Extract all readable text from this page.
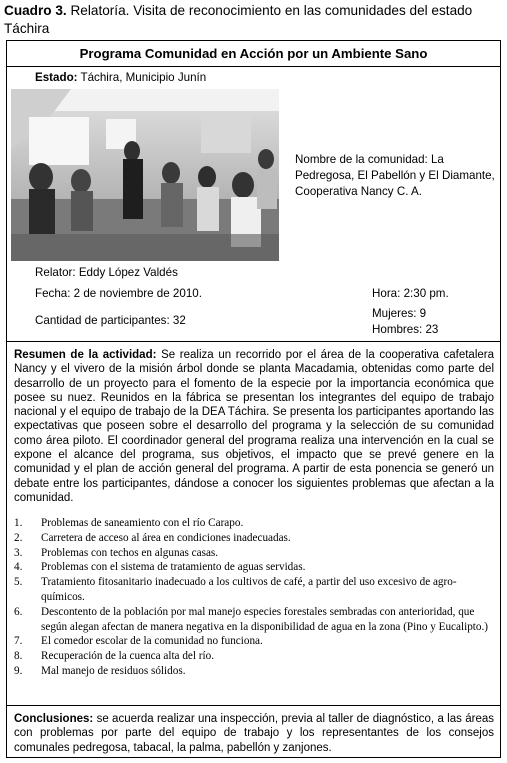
Cuadro 3. Relatoría. Visita de reconocimiento en las comunidades del estado Táchira
Programa Comunidad en Acción por un Ambiente Sano
Estado: Táchira, Municipio Junín
Nombre de la comunidad: La Pedregosa, El Pabellón y El Diamante, Cooperativa Nancy C. A.
Relator: Eddy López Valdés
Fecha: 2 de noviembre de 2010.	Hora: 2:30 pm.
Mujeres: 9
Cantidad de participantes: 32
Hombres: 23
Resumen de la actividad: Se realiza un recorrido por el área de la cooperativa cafetalera Nancy y el vivero de la misión árbol donde se planta Macadamia, obtenidas como parte del desarrollo de un proyecto para el fomento de la especie por la importancia económica que posee su nuez. Reunidos en la fábrica se presentan los integrantes del equipo de trabajo nacional y el equipo de trabajo de la DEA Táchira. Se presenta los participantes aportando las expectativas que poseen sobre el desarrollo del programa y la selección de su comunidad como área piloto. El coordinador general del programa realiza una intervención en la cual se expone el alcance del programa, sus objetivos, el impacto que se prevé genere en la comunidad y el plan de acción general del programa. A partir de esta ponencia se generó un debate entre los participantes, dándose a conocer los siguientes problemas que afectan a la comunidad.
1. Problemas de saneamiento con el río Carapo.
2. Carretera de acceso al área en condiciones inadecuadas.
3. Problemas con techos en algunas casas.
4. Problemas con el sistema de tratamiento de aguas servidas.
5. Tratamiento fitosanitario inadecuado a los cultivos de café, a partir del uso excesivo de agro-químicos.
6. Descontento de la población por mal manejo especies forestales sembradas con anterioridad, que según alegan afectan de manera negativa en la disponibilidad de agua en la zona (Pino y Eucalipto.)
7. El comedor escolar de la comunidad no funciona.
8. Recuperación de la cuenca alta del río.
9. Mal manejo de residuos sólidos.
Conclusiones: se acuerda realizar una inspección, previa al taller de diagnóstico, a las áreas con problemas por parte del equipo de trabajo y los representantes de los consejos comunales pedregosa, tabacal, la palma, pabellón y zanjones.
